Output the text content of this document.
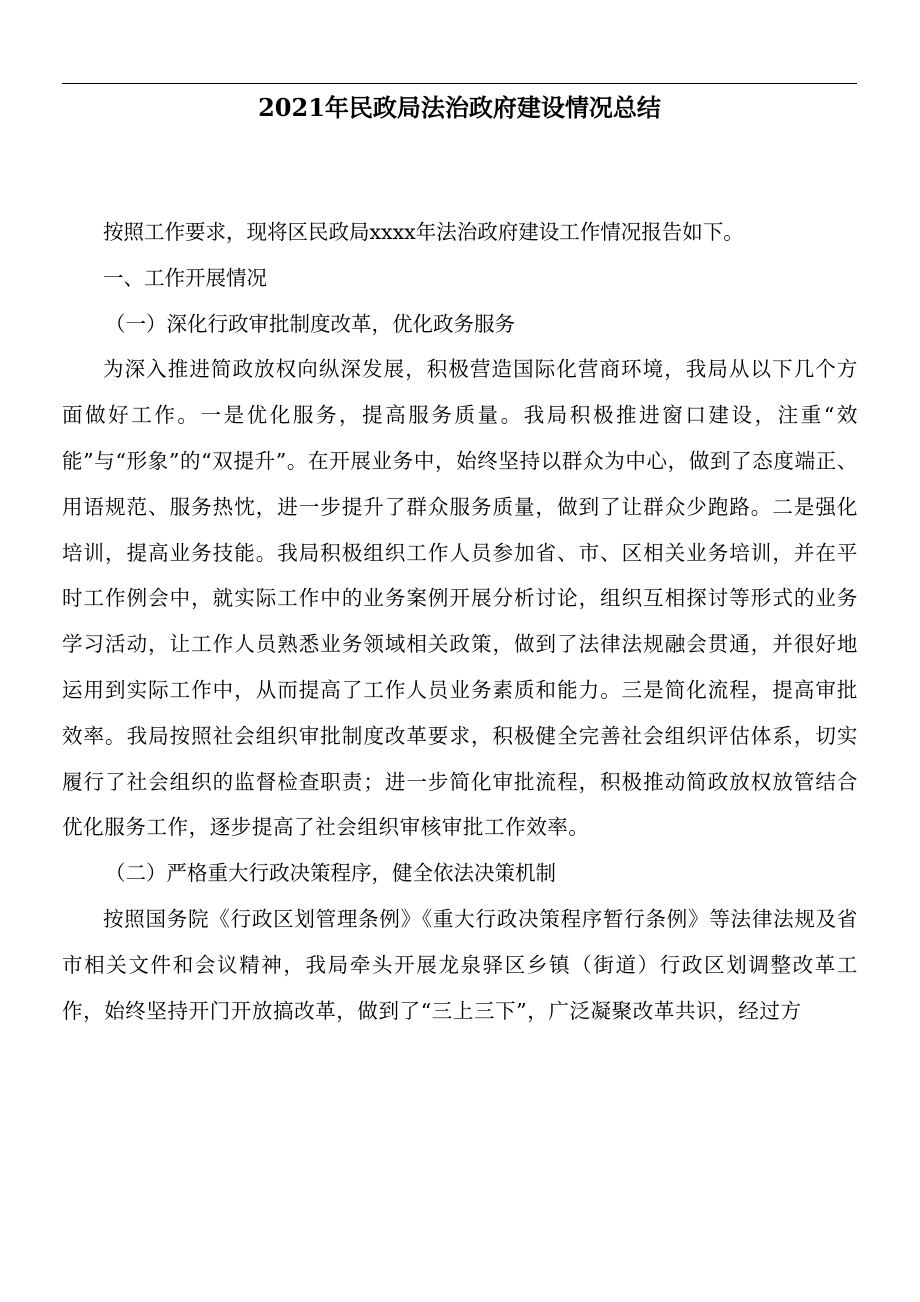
2021年民政局法治政府建设情况总结

按照工作要求，现将区民政局xxxx年法治政府建设工作情况报告如下。

一、工作开展情况

（一）深化行政审批制度改革，优化政务服务

为深入推进简政放权向纵深发展，积极营造国际化营商环境，我局从以下几个方面做好工作。一是优化服务，提高服务质量。我局积极推进窗口建设，注重“效能”与“形象”的“双提升”。在开展业务中，始终坚持以群众为中心，做到了态度端正、用语规范、服务热忱，进一步提升了群众服务质量，做到了让群众少跑路。二是强化培训，提高业务技能。我局积极组织工作人员参加省、市、区相关业务培训，并在平时工作例会中，就实际工作中的业务案例开展分析讨论，组织互相探讨等形式的业务学习活动，让工作人员熟悉业务领域相关政策，做到了法律法规融会贯通，并很好地运用到实际工作中，从而提高了工作人员业务素质和能力。三是简化流程，提高审批效率。我局按照社会组织审批制度改革要求，积极健全完善社会组织评估体系，切实履行了社会组织的监督检查职责；进一步简化审批流程，积极推动简政放权放管结合优化服务工作，逐步提高了社会组织审核审批工作效率。

（二）严格重大行政决策程序，健全依法决策机制

按照国务院《行政区划管理条例》《重大行政决策程序暂行条例》等法律法规及省市相关文件和会议精神，我局牵头开展龙泉驿区乡镇（街道）行政区划调整改革工作，始终坚持开门开放搞改革，做到了“三上三下”，广泛凝聚改革共识，经过方
